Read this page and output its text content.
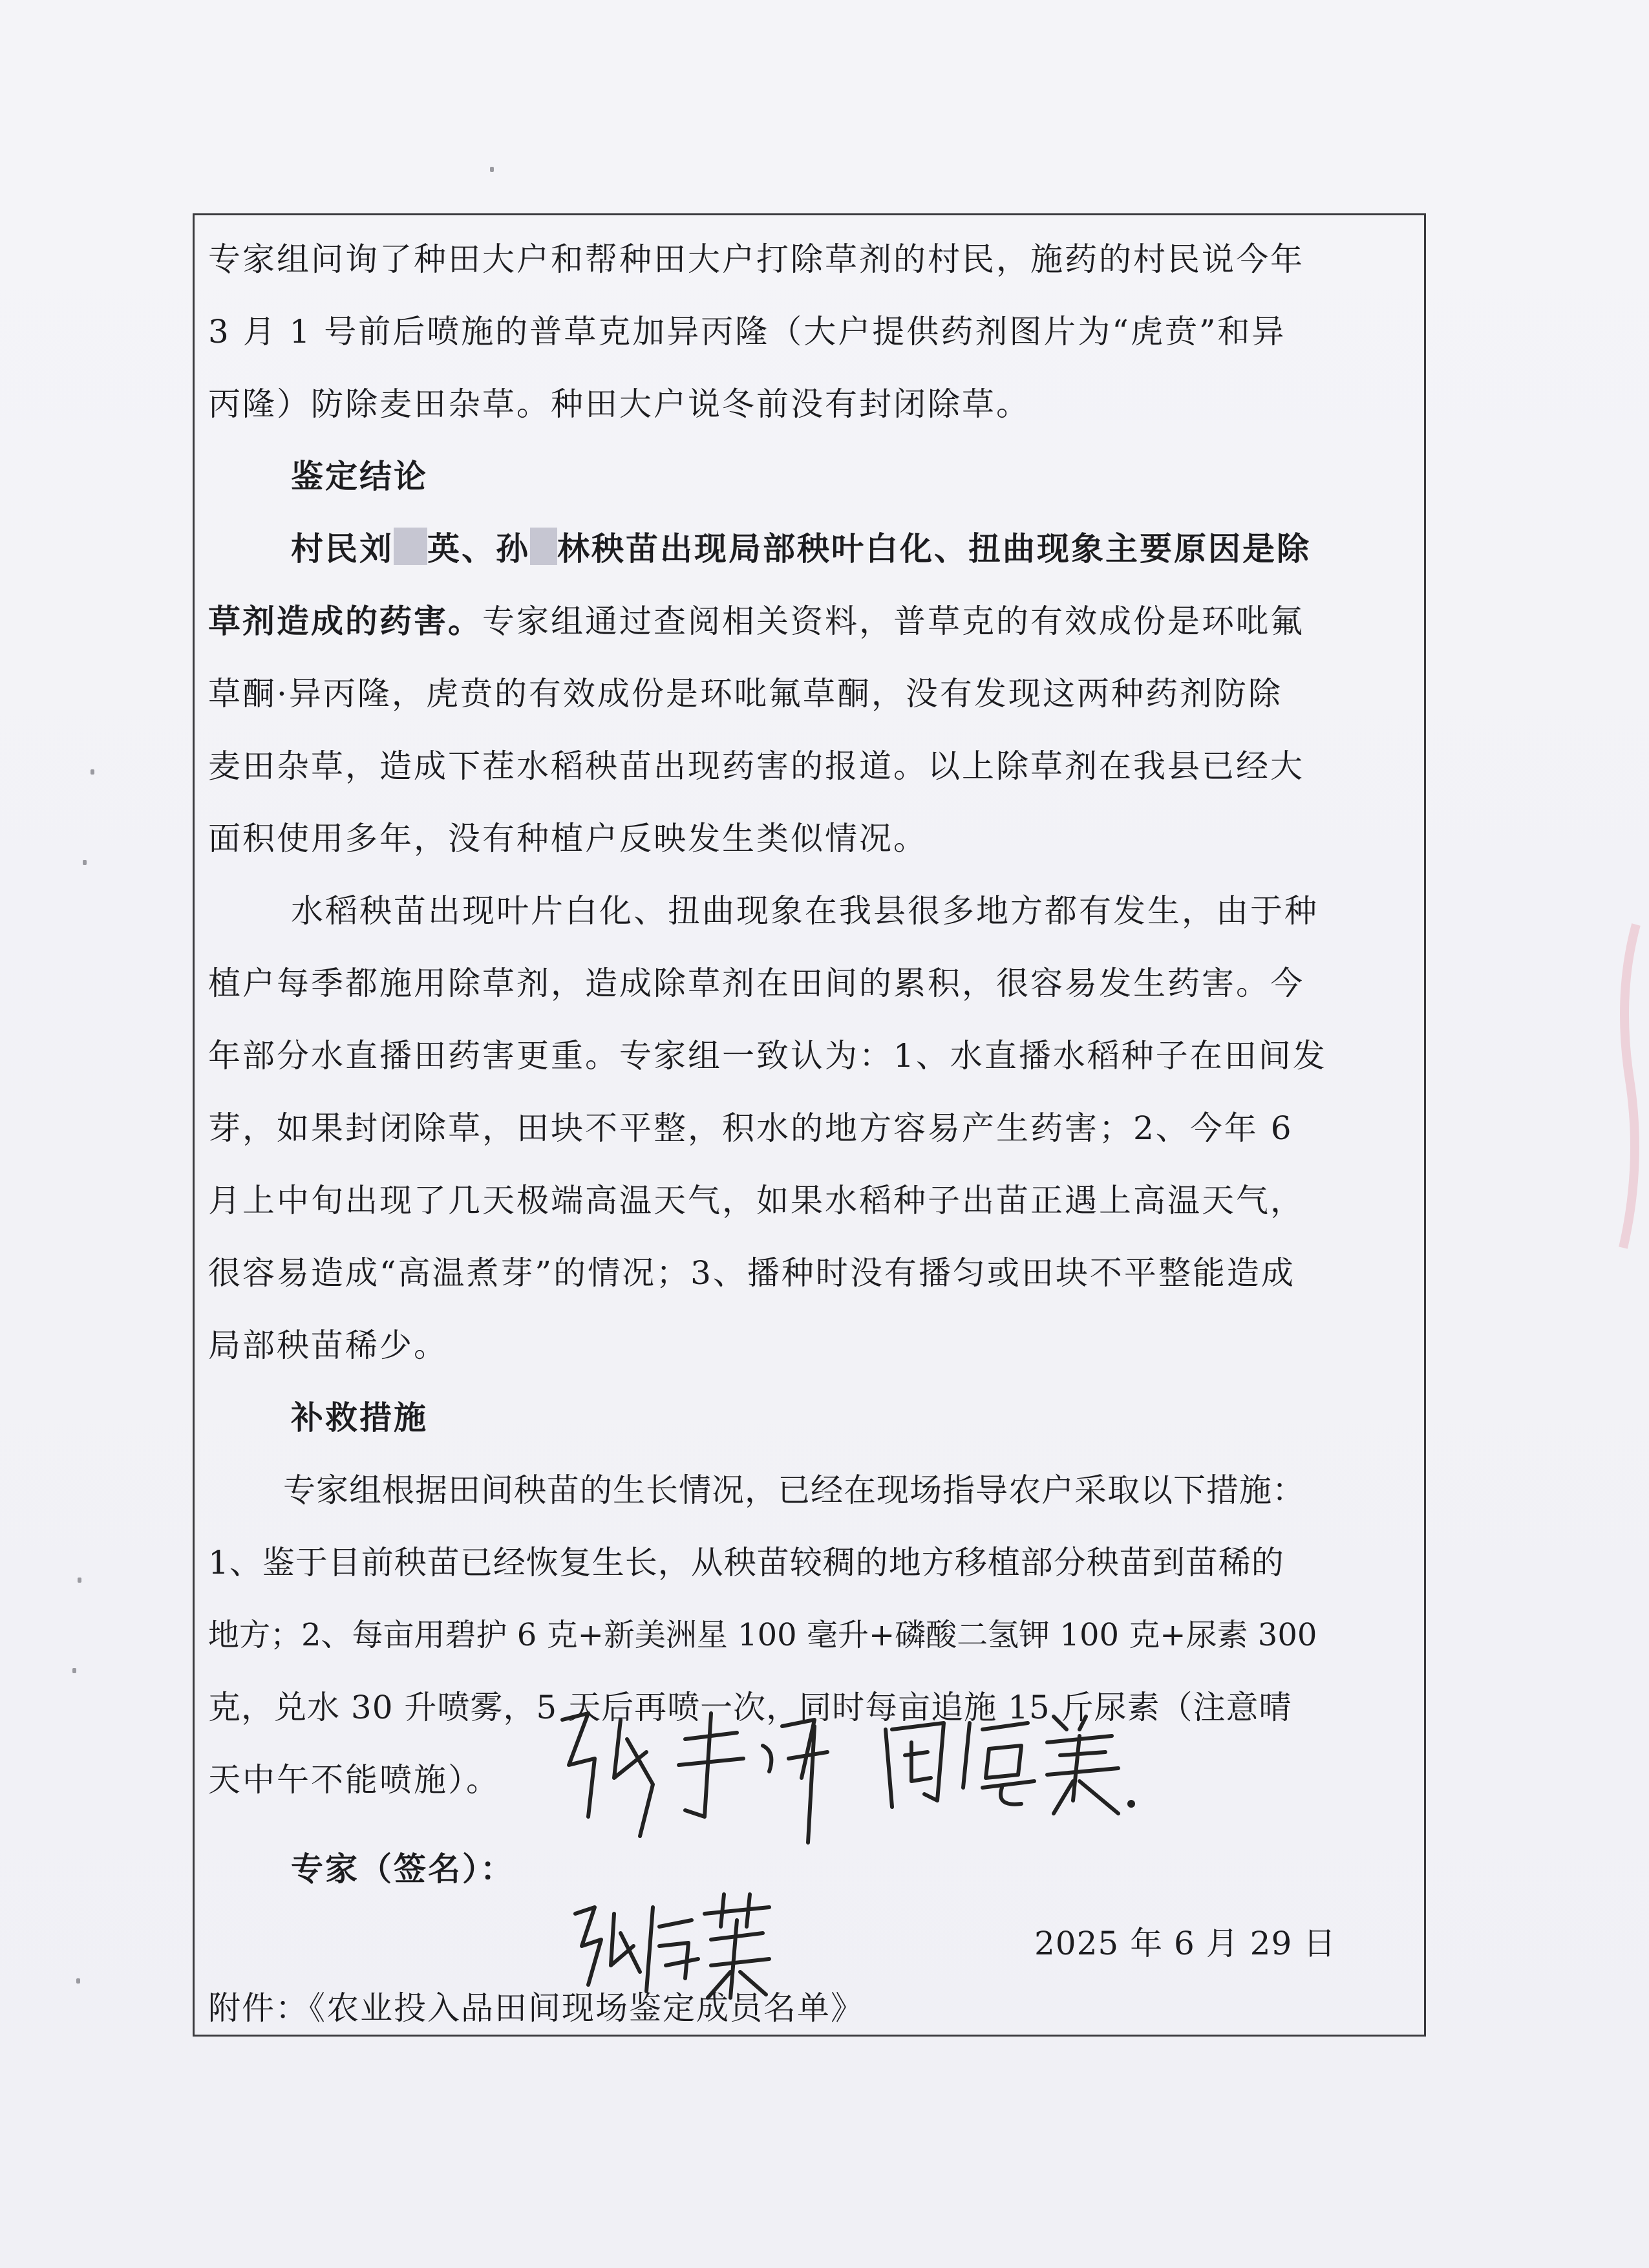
专家组问询了种田大户和帮种田大户打除草剂的村民，施药的村民说今年

3 月 1 号前后喷施的普草克加异丙隆（大户提供药剂图片为“虎贲”和异

丙隆）防除麦田杂草。种田大户说冬前没有封闭除草。

鉴定结论

村民刘 英、孙 林秧苗出现局部秧叶白化、扭曲现象主要原因是除

草剂造成的药害。专家组通过查阅相关资料，普草克的有效成份是环吡氟

草酮·异丙隆，虎贲的有效成份是环吡氟草酮，没有发现这两种药剂防除

麦田杂草，造成下茬水稻秧苗出现药害的报道。以上除草剂在我县已经大

面积使用多年，没有种植户反映发生类似情况。

水稻秧苗出现叶片白化、扭曲现象在我县很多地方都有发生，由于种

植户每季都施用除草剂，造成除草剂在田间的累积，很容易发生药害。今

年部分水直播田药害更重。专家组一致认为：1、水直播水稻种子在田间发

芽，如果封闭除草，田块不平整，积水的地方容易产生药害；2、今年 6

月上中旬出现了几天极端高温天气，如果水稻种子出苗正遇上高温天气，

很容易造成“高温煮芽”的情况；3、播种时没有播匀或田块不平整能造成

局部秧苗稀少。

补救措施

专家组根据田间秧苗的生长情况，已经在现场指导农户采取以下措施：

1、鉴于目前秧苗已经恢复生长，从秧苗较稠的地方移植部分秧苗到苗稀的

地方；2、每亩用碧护 6 克+新美洲星 100 毫升+磷酸二氢钾 100 克+尿素 300

克，兑水 30 升喷雾，5 天后再喷一次，同时每亩追施 15 斤尿素（注意晴

天中午不能喷施）。

专家（签名）：

2025 年 6 月 29 日

附件：《农业投入品田间现场鉴定成员名单》
